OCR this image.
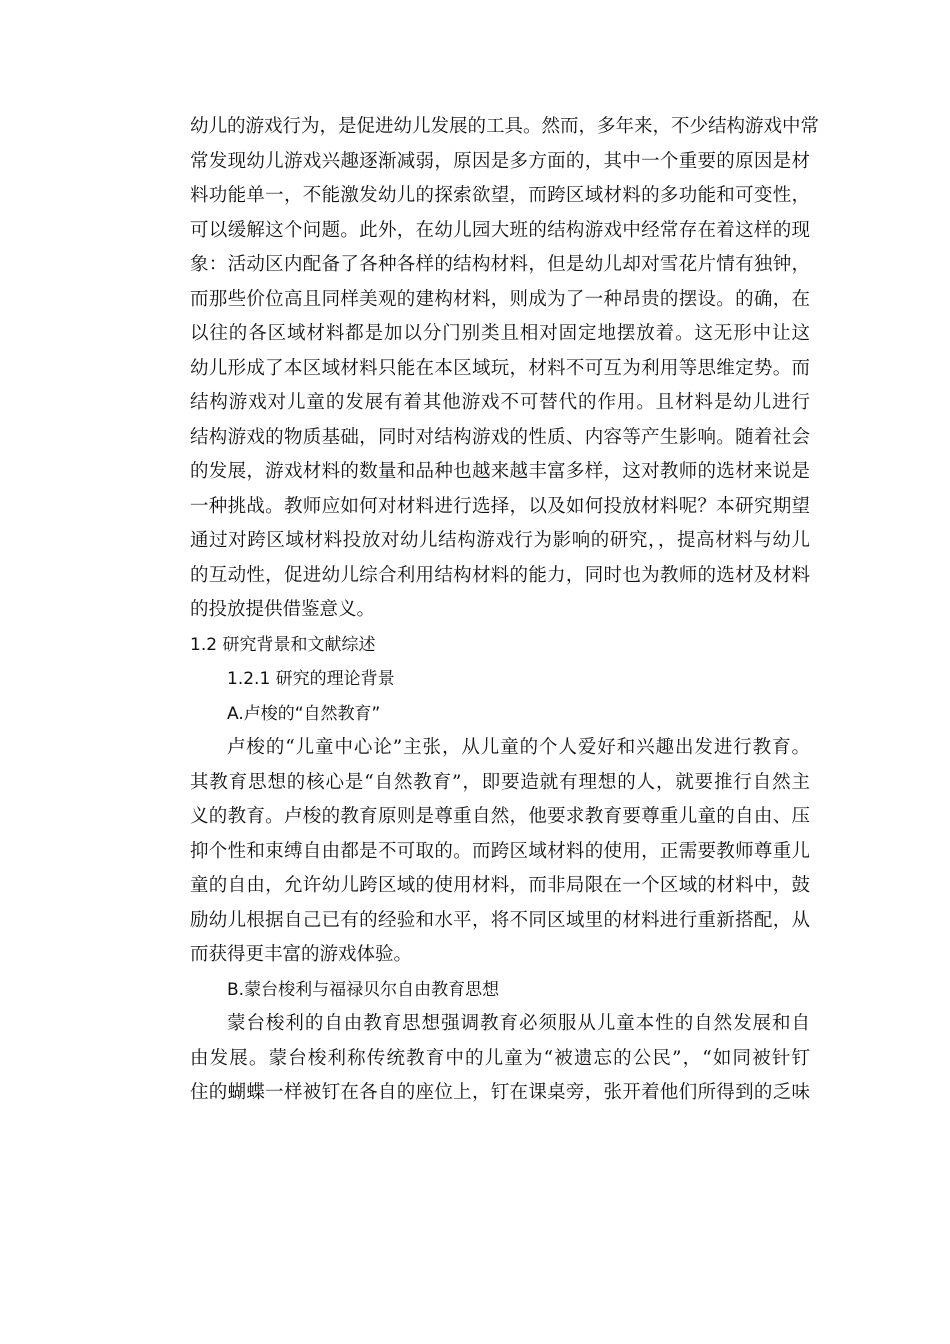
幼儿的游戏行为，是促进幼儿发展的工具。然而，多年来，不少结构游戏中常
常发现幼儿游戏兴趣逐渐减弱，原因是多方面的，其中一个重要的原因是材
料功能单一，不能激发幼儿的探索欲望，而跨区域材料的多功能和可变性，
可以缓解这个问题。此外，在幼儿园大班的结构游戏中经常存在着这样的现
象：活动区内配备了各种各样的结构材料，但是幼儿却对雪花片情有独钟，
而那些价位高且同样美观的建构材料，则成为了一种昂贵的摆设。的确，在
以往的各区域材料都是加以分门别类且相对固定地摆放着。这无形中让这
幼儿形成了本区域材料只能在本区域玩，材料不可互为利用等思维定势。而
结构游戏对儿童的发展有着其他游戏不可替代的作用。且材料是幼儿进行
结构游戏的物质基础，同时对结构游戏的性质、内容等产生影响。随着社会
的发展，游戏材料的数量和品种也越来越丰富多样，这对教师的选材来说是
一种挑战。教师应如何对材料进行选择，以及如何投放材料呢？本研究期望
通过对跨区域材料投放对幼儿结构游戏行为影响的研究，，提高材料与幼儿
的互动性，促进幼儿综合利用结构材料的能力，同时也为教师的选材及材料
的投放提供借鉴意义。
1.2 研究背景和文献综述
1.2.1 研究的理论背景
A.卢梭的“自然教育”
卢梭的“儿童中心论”主张，从儿童的个人爱好和兴趣出发进行教育。
其教育思想的核心是“自然教育”，即要造就有理想的人，就要推行自然主
义的教育。卢梭的教育原则是尊重自然，他要求教育要尊重儿童的自由、压
抑个性和束缚自由都是不可取的。而跨区域材料的使用，正需要教师尊重儿
童的自由，允许幼儿跨区域的使用材料，而非局限在一个区域的材料中，鼓
励幼儿根据自己已有的经验和水平，将不同区域里的材料进行重新搭配，从
而获得更丰富的游戏体验。
B.蒙台梭利与福禄贝尔自由教育思想
蒙台梭利的自由教育思想强调教育必须服从儿童本性的自然发展和自
由发展。蒙台梭利称传统教育中的儿童为“被遗忘的公民”，“如同被针钉
住的蝴蝶一样被钉在各自的座位上，钉在课桌旁，张开着他们所得到的乏味
